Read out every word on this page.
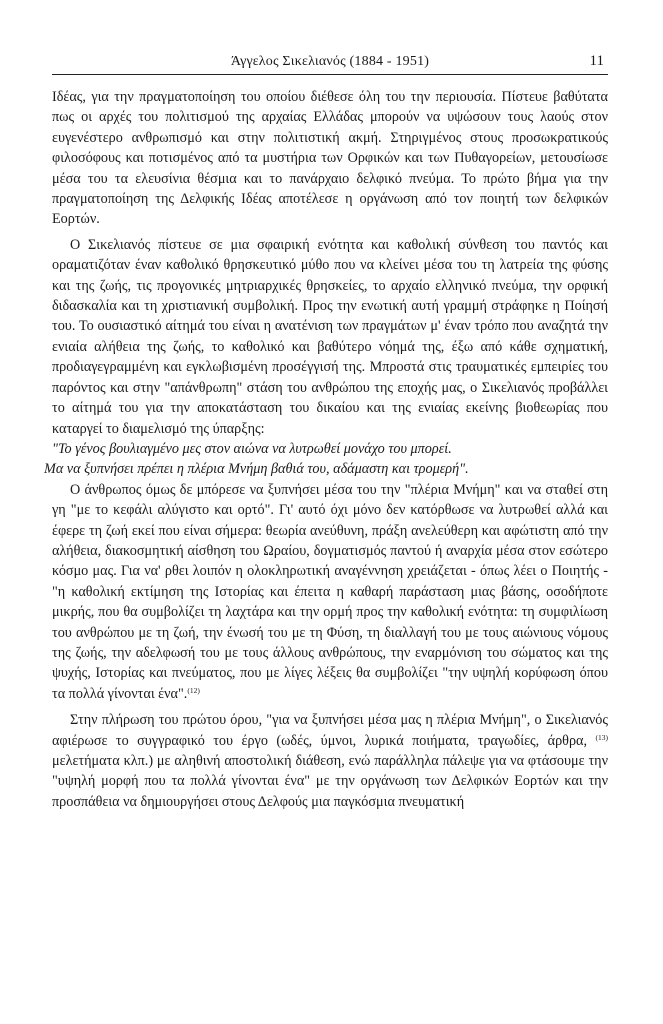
Άγγελος Σικελιανός (1884 - 1951)	11

Ιδέας, για την πραγματοποίηση του οποίου διέθεσε όλη του την περιουσία. Πίστευε βαθύτατα πως οι αρχές του πολιτισμού της αρχαίας Ελλάδας μπορούν να υψώσουν τους λαούς στον ευγενέστερο ανθρωπισμό και στην πολιτιστική ακμή. Στηριγμένος στους προσωκρατικούς φιλοσόφους και ποτισμένος από τα μυστήρια των Ορφικών και των Πυθαγορείων, μετουσίωσε μέσα του τα ελευσίνια θέσμια και το πανάρχαιο δελφικό πνεύμα. Το πρώτο βήμα για την πραγματοποίηση της Δελφικής Ιδέας αποτέλεσε η οργάνωση από τον ποιητή των δελφικών Εορτών.

Ο Σικελιανός πίστευε σε μια σφαιρική ενότητα και καθολική σύνθεση του παντός και οραματιζόταν έναν καθολικό θρησκευτικό μύθο που να κλείνει μέσα του τη λατρεία της φύσης και της ζωής, τις προγονικές μητριαρχικές θρησκείες, το αρχαίο ελληνικό πνεύμα, την ορφική διδασκαλία και τη χριστιανική συμβολική. Προς την ενωτική αυτή γραμμή στράφηκε η Ποίησή του. Το ουσιαστικό αίτημά του είναι η ανατένιση των πραγμάτων μ' έναν τρόπο που αναζητά την ενιαία αλήθεια της ζωής, το καθολικό και βαθύτερο νόημά της, έξω από κάθε σχηματική, προδιαγεγραμμένη και εγκλωβισμένη προσέγγισή της. Μπροστά στις τραυματικές εμπειρίες του παρόντος και στην "απάνθρωπη" στάση του ανθρώπου της εποχής μας, ο Σικελιανός προβάλλει το αίτημά του για την αποκατάσταση του δικαίου και της ενιαίας εκείνης βιοθεωρίας που καταργεί το διαμελισμό της ύπαρξης:

"Το γένος βουλιαγμένο μες στον αιώνα να λυτρωθεί μονάχο του μπορεί.

Μα να ξυπνήσει πρέπει η πλέρια Μνήμη βαθιά του, αδάμαστη και τρομερή".

Ο άνθρωπος όμως δε μπόρεσε να ξυπνήσει μέσα του την "πλέρια Μνήμη" και να σταθεί στη γη "με το κεφάλι αλύγιστο και ορτό". Γι' αυτό όχι μόνο δεν κατόρθωσε να λυτρωθεί αλλά και έφερε τη ζωή εκεί που είναι σήμερα: θεωρία ανεύθυνη, πράξη ανελεύθερη και αφώτιστη από την αλήθεια, διακοσμητική αίσθηση του Ωραίου, δογματισμός παντού ή αναρχία μέσα στον εσώτερο κόσμο μας. Για να' ρθει λοιπόν η ολοκληρωτική αναγέννηση χρειάζεται - όπως λέει ο Ποιητής - "η καθολική εκτίμηση της Ιστορίας και έπειτα η καθαρή παράσταση μιας βάσης, οσοδήποτε μικρής, που θα συμβολίζει τη λαχτάρα και την ορμή προς την καθολική ενότητα: τη συμφιλίωση του ανθρώπου με τη ζωή, την ένωσή του με τη Φύση, τη διαλλαγή του με τους αιώνιους νόμους της ζωής, την αδελφωσή του με τους άλλους ανθρώπους, την εναρμόνιση του σώματος και της ψυχής, Ιστορίας και πνεύματος, που με λίγες λέξεις θα συμβολίζει "την υψηλή κορύφωση όπου τα πολλά γίνονται ένα".$^{(12)}$

Στην πλήρωση του πρώτου όρου, "για να ξυπνήσει μέσα μας η πλέρια Μνήμη", ο Σικελιανός αφιέρωσε το συγγραφικό του έργο (ωδές, ύμνοι, λυρικά ποιήματα, τραγωδίες, άρθρα, $^{(13)}$ μελετήματα κλπ.) με αληθινή αποστολική διάθεση, ενώ παράλληλα πάλεψε για να φτάσουμε την "υψηλή μορφή που τα πολλά γίνονται ένα" με την οργάνωση των Δελφικών Εορτών και την προσπάθεια να δημιουργήσει στους Δελφούς μια παγκόσμια πνευματική
